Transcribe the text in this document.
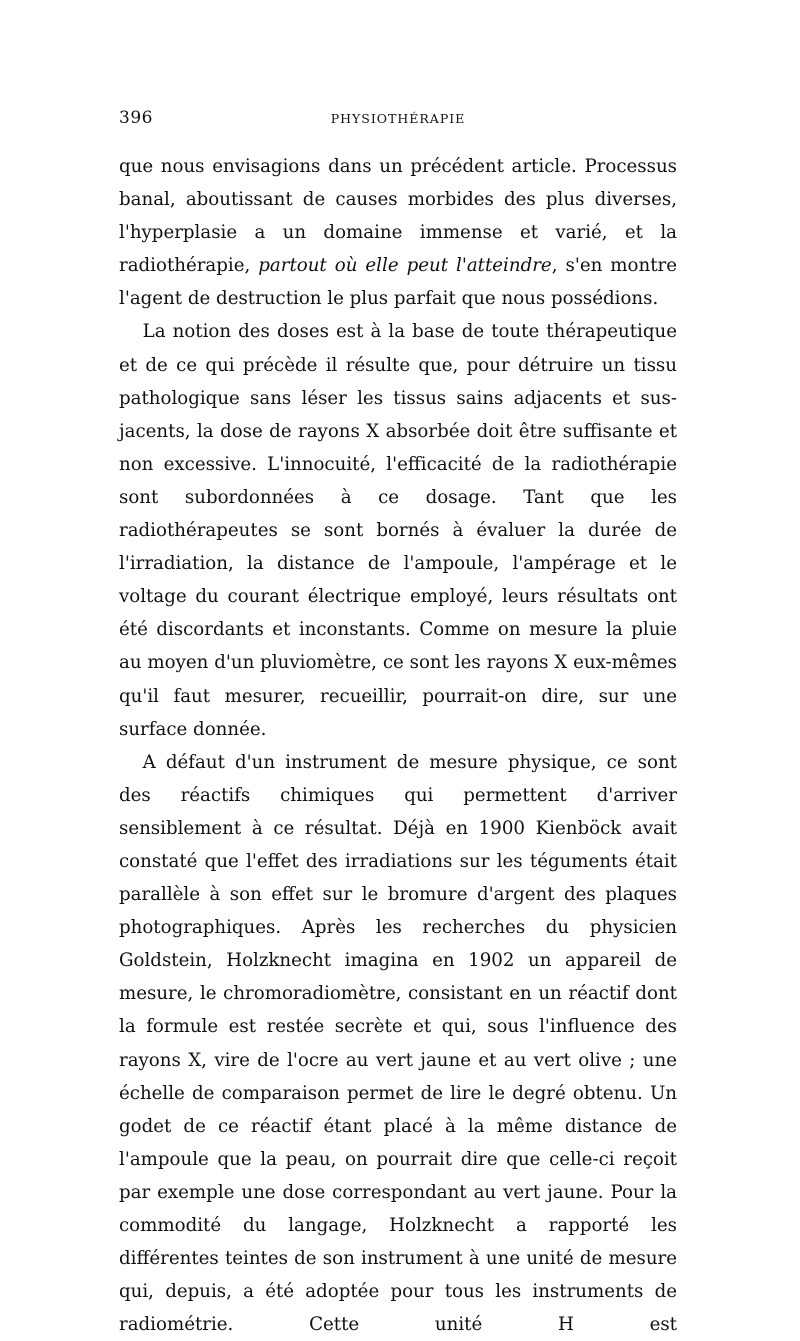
396	PHYSIOTHÉRAPIE

que nous envisagions dans un précédent article. Processus banal, aboutissant de causes morbides des plus diverses, l'hyperplasie a un domaine immense et varié, et la radiothérapie, partout où elle peut l'atteindre, s'en montre l'agent de destruction le plus parfait que nous possédions.

La notion des doses est à la base de toute thérapeutique et de ce qui précède il résulte que, pour détruire un tissu pathologique sans léser les tissus sains adjacents et sus-jacents, la dose de rayons X absorbée doit être suffisante et non excessive. L'innocuité, l'efficacité de la radiothérapie sont subordonnées à ce dosage. Tant que les radiothérapeutes se sont bornés à évaluer la durée de l'irradiation, la distance de l'ampoule, l'ampérage et le voltage du courant électrique employé, leurs résultats ont été discordants et inconstants. Comme on mesure la pluie au moyen d'un pluviomètre, ce sont les rayons X eux-mêmes qu'il faut mesurer, recueillir, pourrait-on dire, sur une surface donnée.

A défaut d'un instrument de mesure physique, ce sont des réactifs chimiques qui permettent d'arriver sensiblement à ce résultat. Déjà en 1900 Kienböck avait constaté que l'effet des irradiations sur les téguments était parallèle à son effet sur le bromure d'argent des plaques photographiques. Après les recherches du physicien Goldstein, Holzknecht imagina en 1902 un appareil de mesure, le chromoradiomètre, consistant en un réactif dont la formule est restée secrète et qui, sous l'influence des rayons X, vire de l'ocre au vert jaune et au vert olive ; une échelle de comparaison permet de lire le degré obtenu. Un godet de ce réactif étant placé à la même distance de l'ampoule que la peau, on pourrait dire que celle-ci reçoit par exemple une dose correspondant au vert jaune. Pour la commodité du langage, Holzknecht a rapporté les différentes teintes de son instrument à une unité de mesure qui, depuis, a été adoptée pour tous les instruments de radiométrie. Cette unité H est
